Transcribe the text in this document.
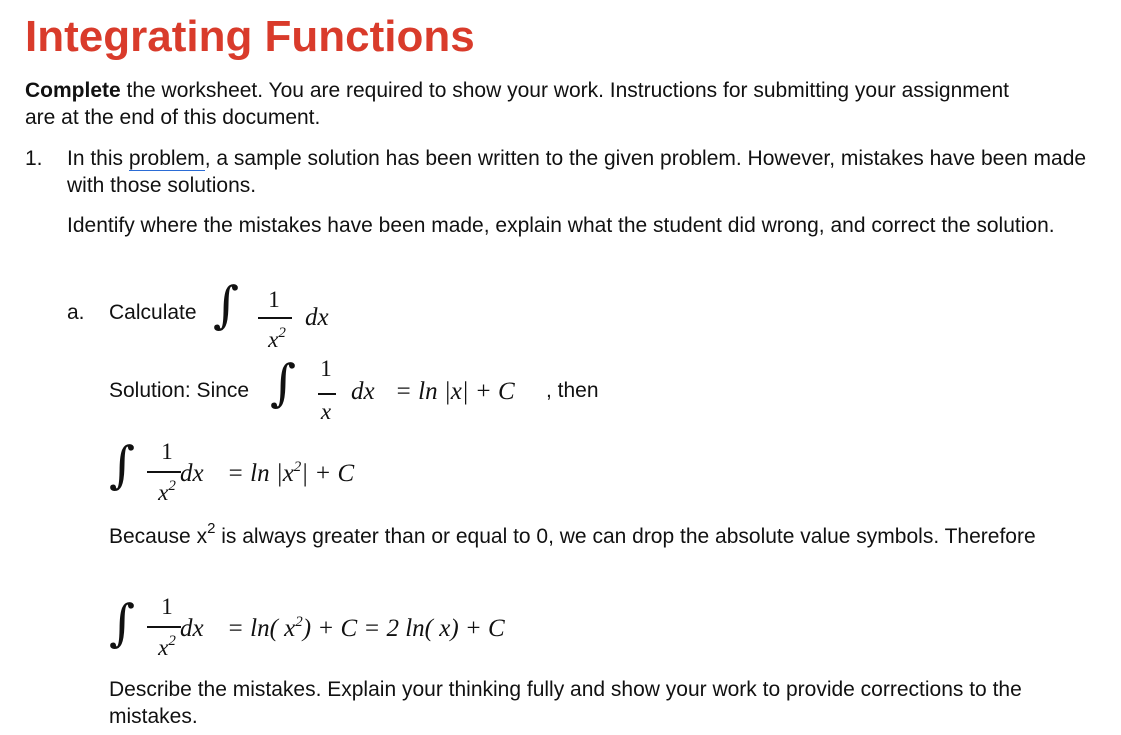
Integrating Functions

Complete the worksheet. You are required to show your work. Instructions for submitting your assignment are at the end of this document.

1. In this problem, a sample solution has been written to the given problem. However, mistakes have been made with those solutions.

Identify where the mistakes have been made, explain what the student did wrong, and correct the solution.

a. Calculate ∫	1
$x^2$
dx
Solution: Since ∫ 1
x
dx = ln |x| + C , then
∫	1
$x^2$ dx = $\ln |x^2| + C$

Because $x^2$ is always greater than or equal to 0, we can drop the absolute value symbols. Therefore

∫	1
$x^2$ dx = ln( $x^2) + C = 2$ ln( x) + C

Describe the mistakes. Explain your thinking fully and show your work to provide corrections to the mistakes.
